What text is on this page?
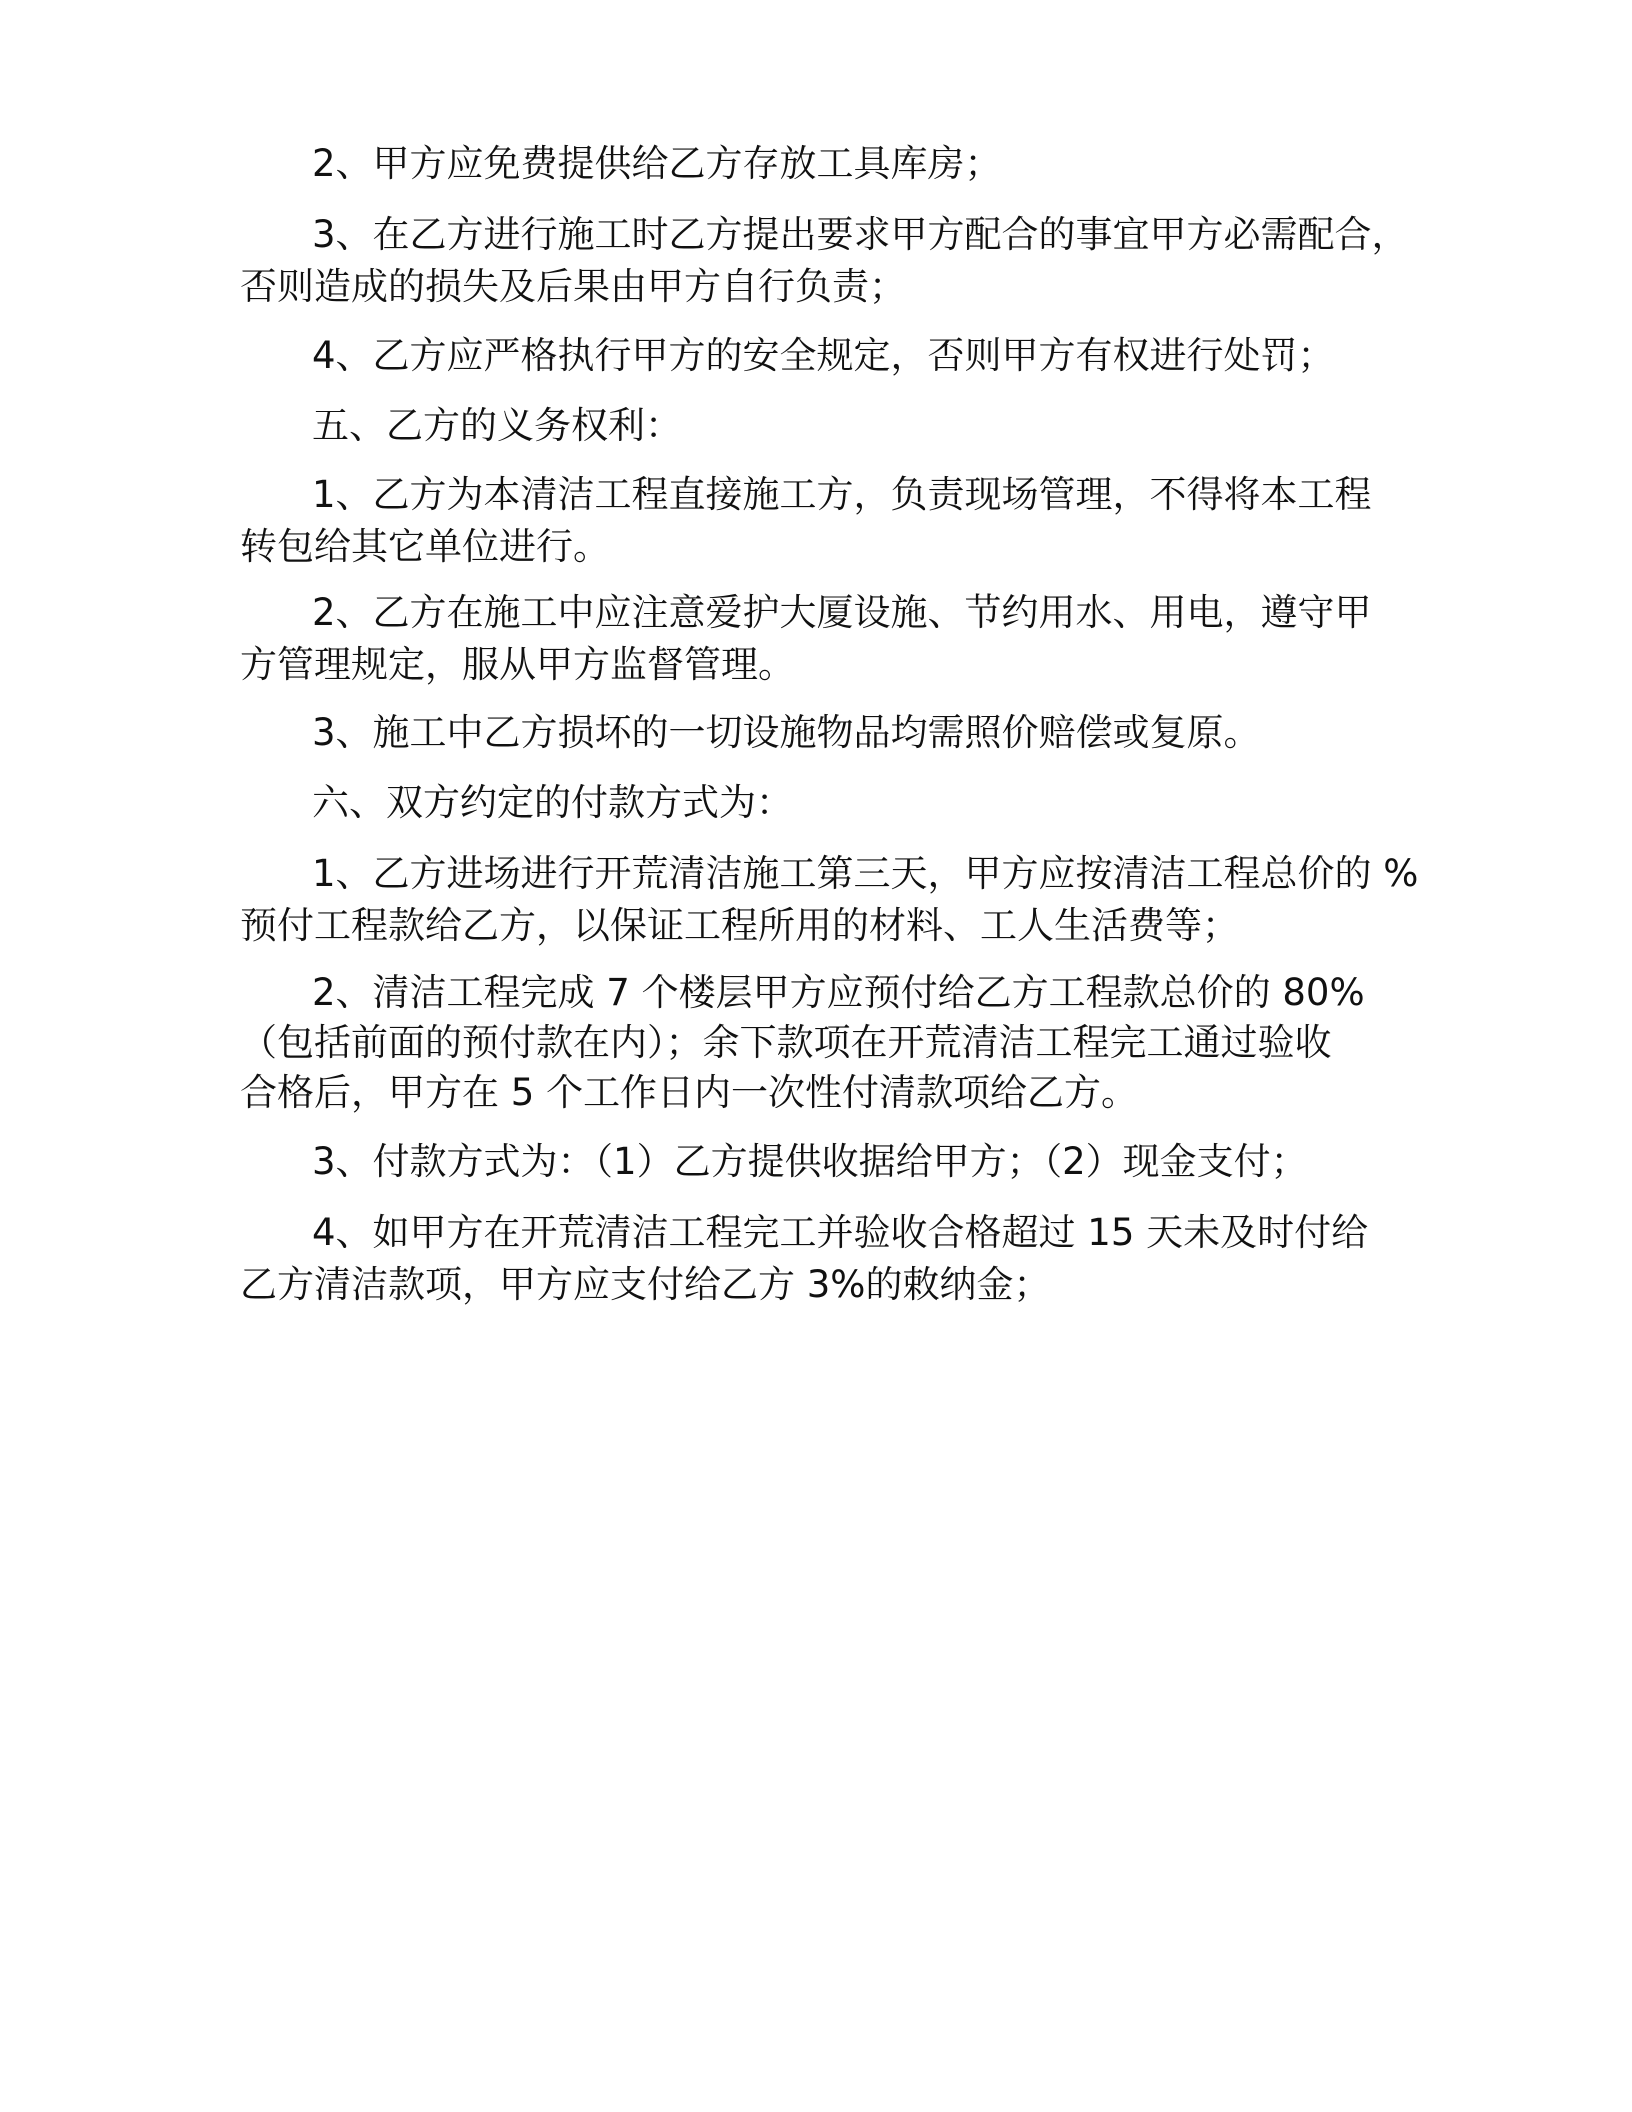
2、甲方应免费提供给乙方存放工具库房；

3、在乙方进行施工时乙方提出要求甲方配合的事宜甲方必需配合，
否则造成的损失及后果由甲方自行负责；

4、乙方应严格执行甲方的安全规定，否则甲方有权进行处罚；

五、乙方的义务权利：

1、乙方为本清洁工程直接施工方，负责现场管理，不得将本工程
转包给其它单位进行。

2、乙方在施工中应注意爱护大厦设施、节约用水、用电，遵守甲
方管理规定，服从甲方监督管理。

3、施工中乙方损坏的一切设施物品均需照价赔偿或复原。

六、双方约定的付款方式为：

1、乙方进场进行开荒清洁施工第三天，甲方应按清洁工程总价的 %
预付工程款给乙方，以保证工程所用的材料、工人生活费等；

2、清洁工程完成 7 个楼层甲方应预付给乙方工程款总价的 80%
（包括前面的预付款在内）；余下款项在开荒清洁工程完工通过验收
合格后，甲方在 5 个工作日内一次性付清款项给乙方。

3、付款方式为：（1）乙方提供收据给甲方；（2）现金支付；

4、如甲方在开荒清洁工程完工并验收合格超过 15 天未及时付给
乙方清洁款项，甲方应支付给乙方 3%的敕纳金；
